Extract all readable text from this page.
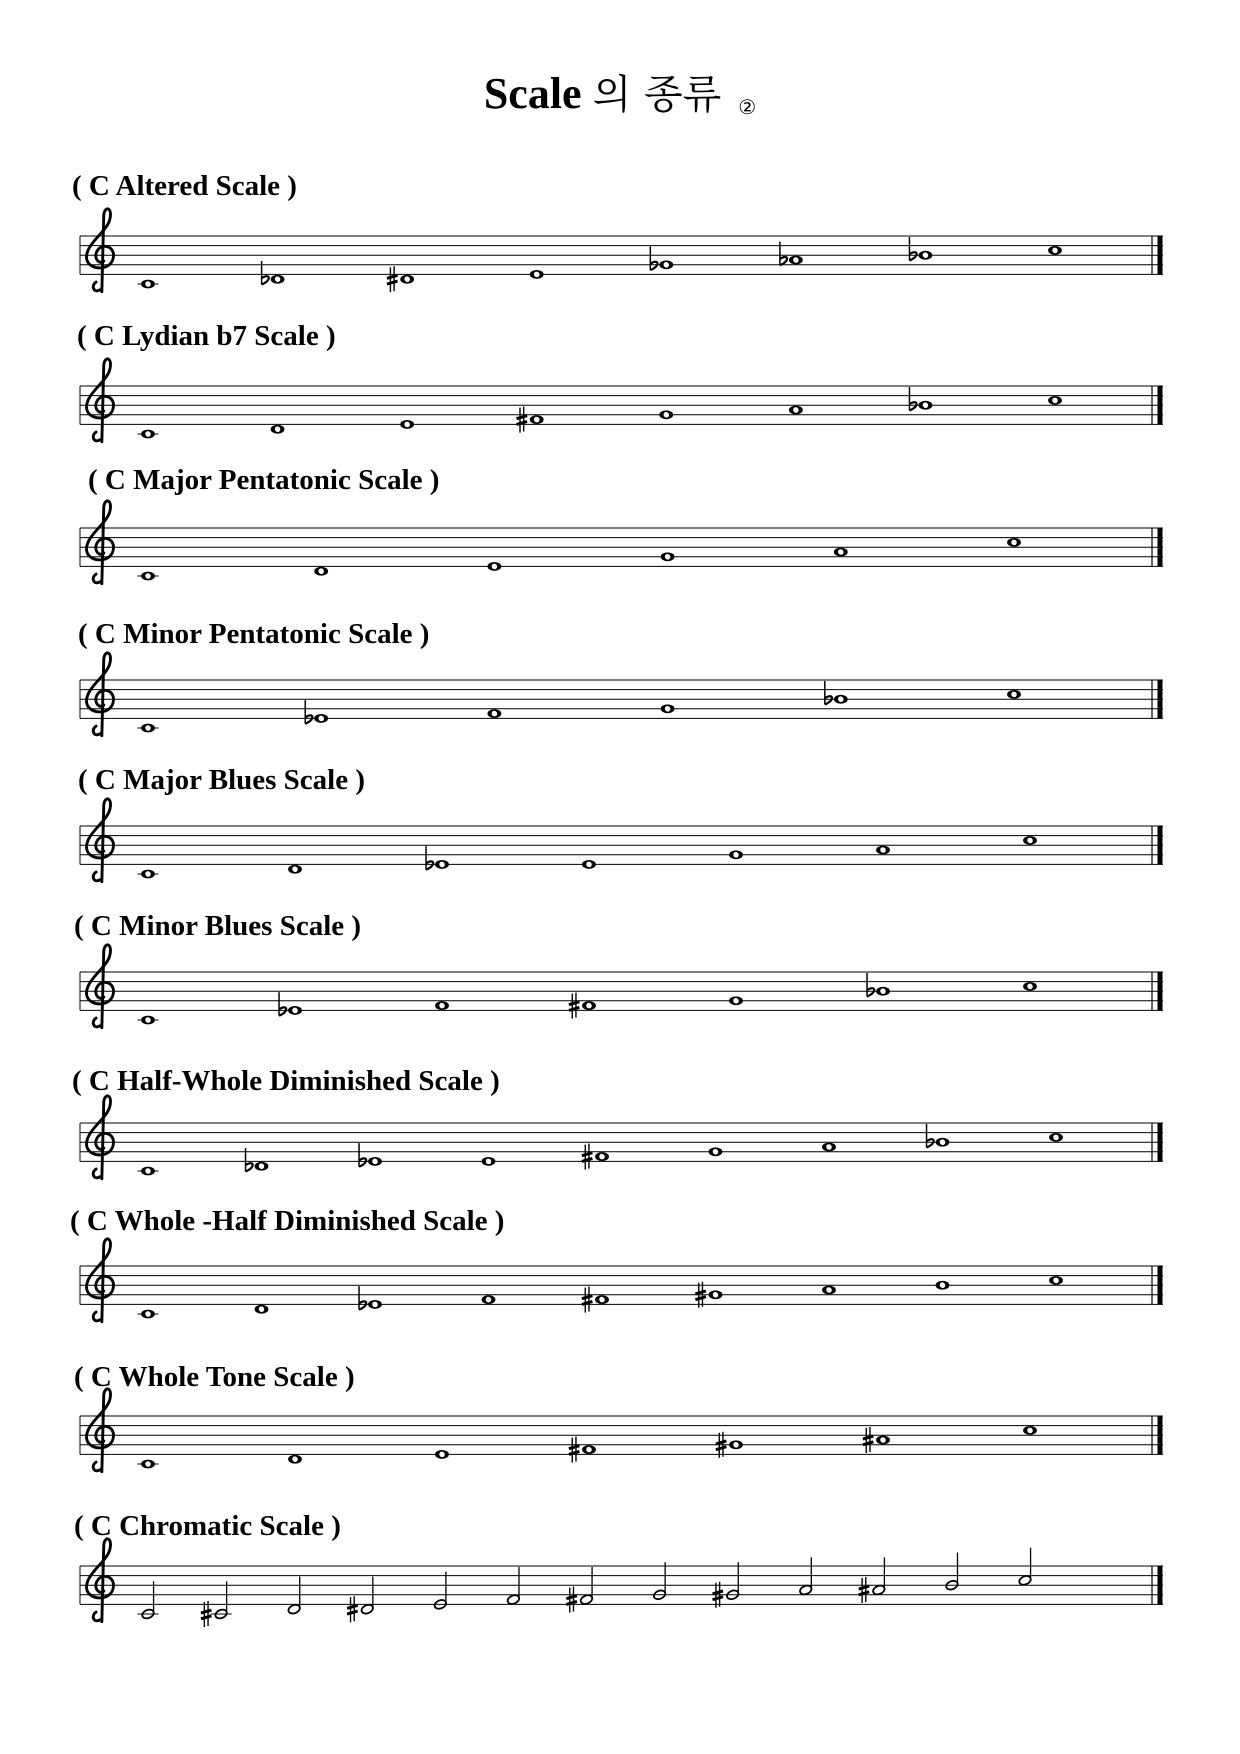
Scale 의 종류 ②
( C Altered Scale )
( C Lydian b7 Scale )
( C Major Pentatonic Scale )
( C Minor Pentatonic Scale )
( C Major Blues Scale )
( C Minor Blues Scale )
( C Half-Whole Diminished Scale )
( C Whole -Half Diminished Scale )
( C Whole Tone Scale )
( C Chromatic Scale )
